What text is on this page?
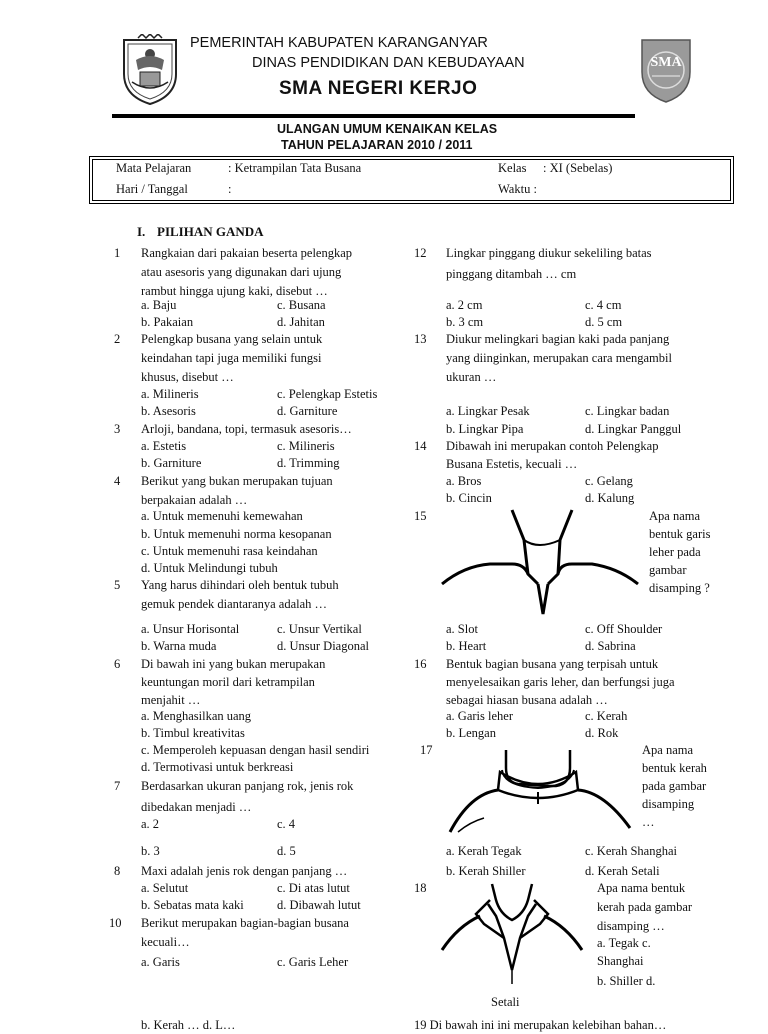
PEMERINTAH KABUPATEN KARANGANYAR
DINAS PENDIDIKAN DAN KEBUDAYAAN
SMA NEGERI KERJO
SMA
ULANGAN UMUM KENAIKAN KELAS
TAHUN PELAJARAN 2010 / 2011
Mata Pelajaran	: Ketrampilan Tata Busana
Hari / Tanggal	:
Kelas : XI (Sebelas)
Waktu :
I. PILIHAN GANDA
1 Rangkaian dari pakaian beserta pelengkap
atau asesoris yang digunakan dari ujung
rambut hingga ujung kaki, disebut …
a. Baju
b. Pakaian
c. Busana
d. Jahitan
2 Pelengkap busana yang selain untuk
keindahan tapi juga memiliki fungsi
khusus, disebut …
a. Milineris
b. Asesoris
c. Pelengkap Estetis
d. Garniture
3 Arloji, bandana, topi, termasuk asesoris…
a. Estetis
b. Garniture
c. Milineris
d. Trimming
4 Berikut yang bukan merupakan tujuan
berpakaian adalah …
a. Untuk memenuhi kemewahan
b. Untuk memenuhi norma kesopanan
c. Untuk memenuhi rasa keindahan
d. Untuk Melindungi tubuh
5 Yang harus dihindari oleh bentuk tubuh
gemuk pendek diantaranya adalah …
a. Unsur Horisontal
b. Warna muda
c. Unsur Vertikal
d. Unsur Diagonal
6 Di bawah ini yang bukan merupakan
keuntungan moril dari ketrampilan
menjahit …
a. Menghasilkan uang
b. Timbul kreativitas
c. Memperoleh kepuasan dengan hasil sendiri
d. Termotivasi untuk berkreasi
7 Berdasarkan ukuran panjang rok, jenis rok
dibedakan menjadi …
a. 2
b. 3
c. 4
d. 5
8 Maxi adalah jenis rok dengan panjang …
a. Selutut
b. Sebatas mata kaki
c. Di atas lutut
d. Dibawah lutut
10 Berikut merupakan bagian-bagian busana
kecuali…
a. Garis	c. Garis Leher
b. Kerah … d. L…
12 Lingkar pinggang diukur sekeliling batas
pinggang ditambah … cm
a. 2 cm
b. 3 cm
c. 4 cm
d. 5 cm
13 Diukur melingkari bagian kaki pada panjang
yang diinginkan, merupakan cara mengambil
ukuran …
a. Lingkar Pesak
b. Lingkar Pipa
c. Lingkar badan
d. Lingkar Panggul
14 Dibawah ini merupakan contoh Pelengkap
Busana Estetis, kecuali …
a. Bros
b. Cincin
c. Gelang
d. Kalung
15	Apa nama
bentuk garis
leher pada
gambar
disamping ?
a. Slot
b. Heart
c. Off Shoulder
d. Sabrina
16 Bentuk bagian busana yang terpisah untuk
menyelesaikan garis leher, dan berfungsi juga
sebagai hiasan busana adalah …
a. Garis leher
b. Lengan
c. Kerah
d. Rok
17	Apa nama
bentuk kerah
pada gambar
disamping
…
a. Kerah Tegak
b. Kerah Shiller
c. Kerah Shanghai
d. Kerah Setali
18	Apa nama bentuk
kerah pada gambar
disamping …
a. Tegak c.
Shanghai
b. Shiller d.
Setali
19 Di bawah ini ini merupakan kelebihan bahan…
